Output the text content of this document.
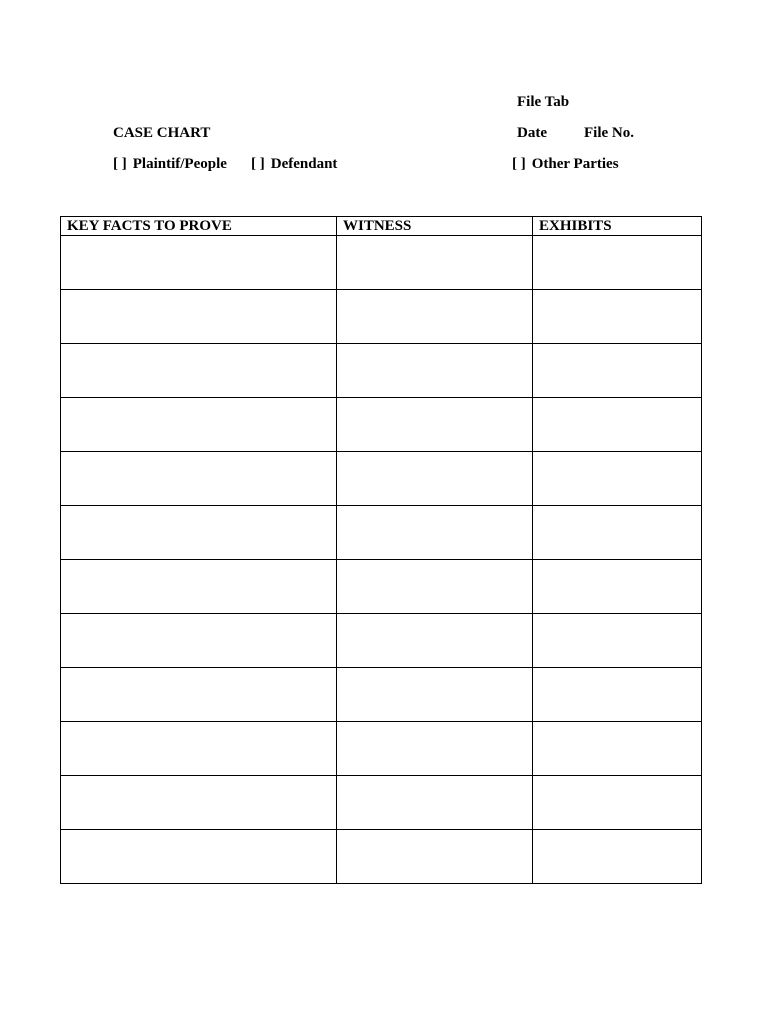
File Tab
CASE CHART	Date File No.
[ ] Plaintif/People [ ] Defendant	[ ] Other Parties
KEY FACTS TO PROVE	WITNESS	EXHIBITS
